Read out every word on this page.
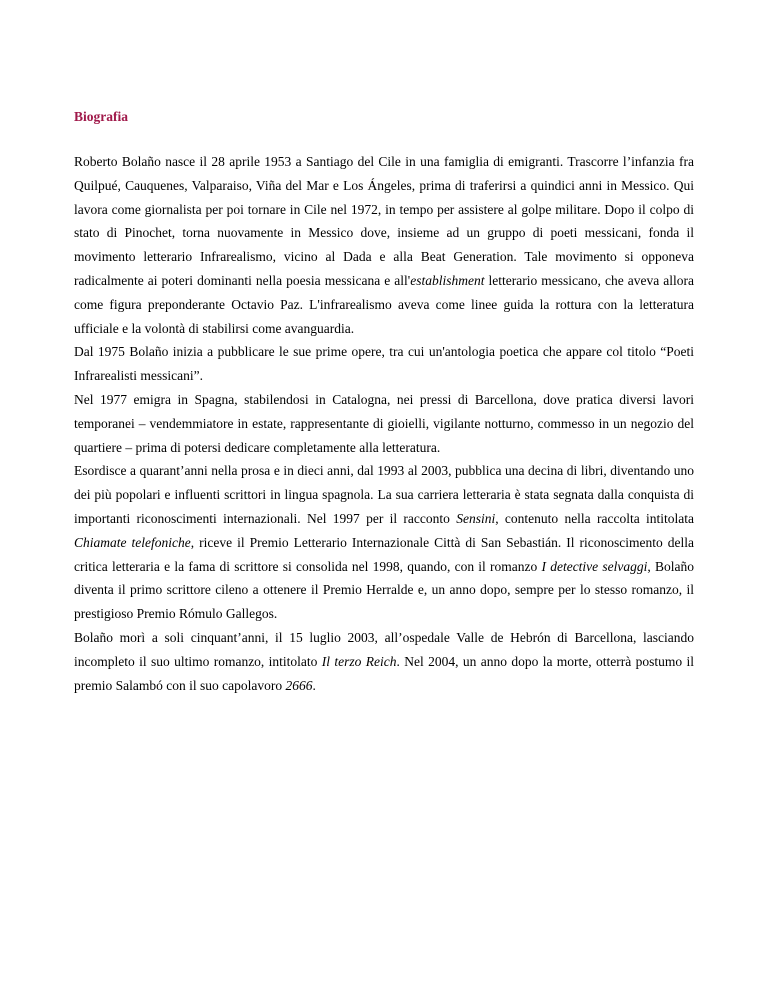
Biografia

Roberto Bolaño nasce il 28 aprile 1953 a Santiago del Cile in una famiglia di emigranti. Trascorre l’infanzia fra Quilpué, Cauquenes, Valparaiso, Viña del Mar e Los Ángeles, prima di traferirsi a quindici anni in Messico. Qui lavora come giornalista per poi tornare in Cile nel 1972, in tempo per assistere al golpe militare. Dopo il colpo di stato di Pinochet, torna nuovamente in Messico dove, insieme ad un gruppo di poeti messicani, fonda il movimento letterario Infrarealismo, vicino al Dada e alla Beat Generation. Tale movimento si opponeva radicalmente ai poteri dominanti nella poesia messicana e all'establishment letterario messicano, che aveva allora come figura preponderante Octavio Paz. L'infrarealismo aveva come linee guida la rottura con la letteratura ufficiale e la volontà di stabilirsi come avanguardia.

Dal 1975 Bolaño inizia a pubblicare le sue prime opere, tra cui un'antologia poetica che appare col titolo “Poeti Infrarealisti messicani”.

Nel 1977 emigra in Spagna, stabilendosi in Catalogna, nei pressi di Barcellona, dove pratica diversi lavori temporanei – vendemmiatore in estate, rappresentante di gioielli, vigilante notturno, commesso in un negozio del quartiere – prima di potersi dedicare completamente alla letteratura.

Esordisce a quarant’anni nella prosa e in dieci anni, dal 1993 al 2003, pubblica una decina di libri, diventando uno dei più popolari e influenti scrittori in lingua spagnola. La sua carriera letteraria è stata segnata dalla conquista di importanti riconoscimenti internazionali. Nel 1997 per il racconto Sensini, contenuto nella raccolta intitolata Chiamate telefoniche, riceve il Premio Letterario Internazionale Città di San Sebastián. Il riconoscimento della critica letteraria e la fama di scrittore si consolida nel 1998, quando, con il romanzo I detective selvaggi, Bolaño diventa il primo scrittore cileno a ottenere il Premio Herralde e, un anno dopo, sempre per lo stesso romanzo, il prestigioso Premio Rómulo Gallegos.

Bolaño morì a soli cinquant’anni, il 15 luglio 2003, all’ospedale Valle de Hebrón di Barcellona, lasciando incompleto il suo ultimo romanzo, intitolato Il terzo Reich. Nel 2004, un anno dopo la morte, otterrà postumo il premio Salambó con il suo capolavoro 2666.
